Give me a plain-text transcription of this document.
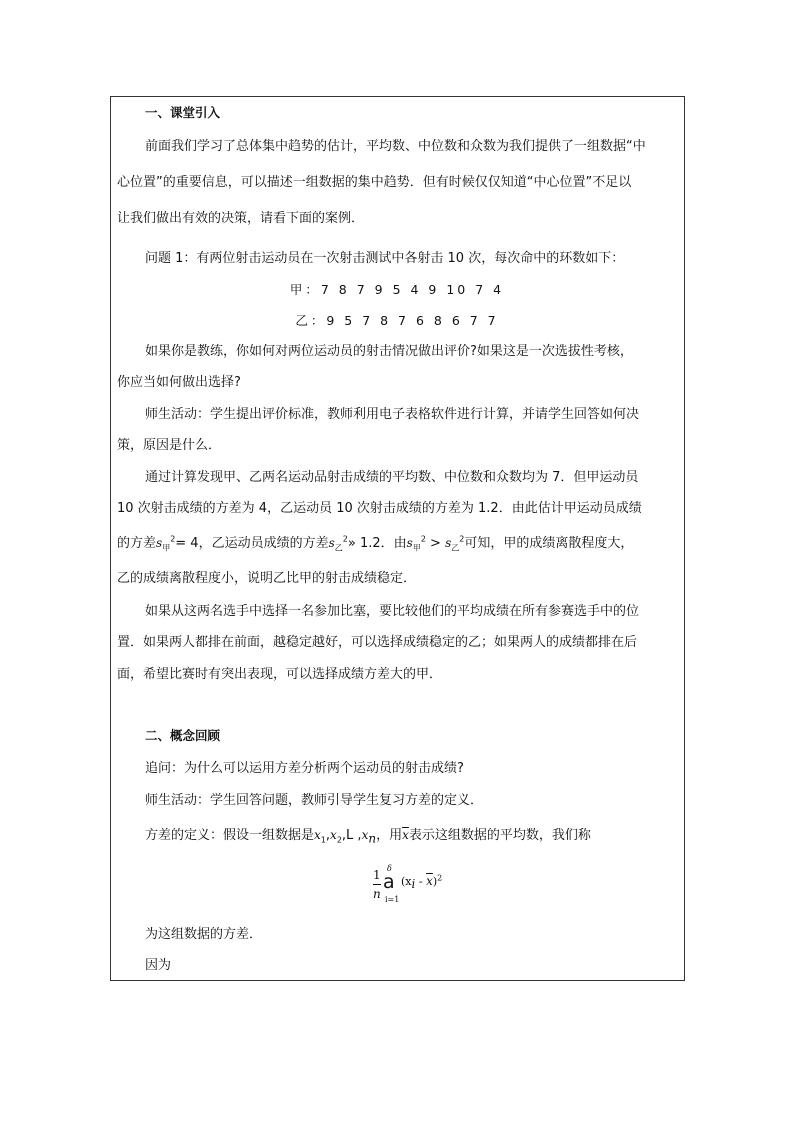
一、课堂引入
前面我们学习了总体集中趋势的估计，平均数、中位数和众数为我们提供了一组数据“中
心位置”的重要信息，可以描述一组数据的集中趋势．但有时候仅仅知道“中心位置”不足以
让我们做出有效的决策，请看下面的案例．
问题 1：有两位射击运动员在一次射击测试中各射击 10 次，每次命中的环数如下：
甲：7 8 7 9 5 4 9 10 7 4
乙：9 5 7 8 7 6 8 6 7 7
如果你是教练，你如何对两位运动员的射击情况做出评价?如果这是一次选拔性考核，
你应当如何做出选择?
师生活动：学生提出评价标准，教师利用电子表格软件进行计算，并请学生回答如何决
策，原因是什么．
通过计算发现甲、乙两名运动品射击成绩的平均数、中位数和众数均为 7．但甲运动员
10 次射击成绩的方差为 4，乙运动员 10 次射击成绩的方差为 1.2．由此估计甲运动员成绩
的方差$s_甲^2= 4$，乙运动员成绩的方差$s_乙^2$» 1.2．由$s_甲^2 > s_乙^2$可知，甲的成绩离散程度大，
乙的成绩离散程度小，说明乙比甲的射击成绩稳定．
如果从这两名选手中选择一名参加比塞，要比较他们的平均成绩在所有参赛选手中的位
置．如果两人都排在前面，越稳定越好，可以选择成绩稳定的乙；如果两人的成绩都排在后
面，希望比赛时有突出表现，可以选择成绩方差大的甲．
二、概念回顾
追问：为什么可以运用方差分析两个运动员的射击成绩?
师生活动：学生回答问题，教师引导学生复习方差的定义．
方差的定义：假设一组数据是$x_1,x_2,L$ $,x_n$，用$\overline{x}$表示这组数据的平均数，我们称
1
n
δ
a
i=1
$(x_i - \overline{x})^2$
为这组数据的方差．
因为
